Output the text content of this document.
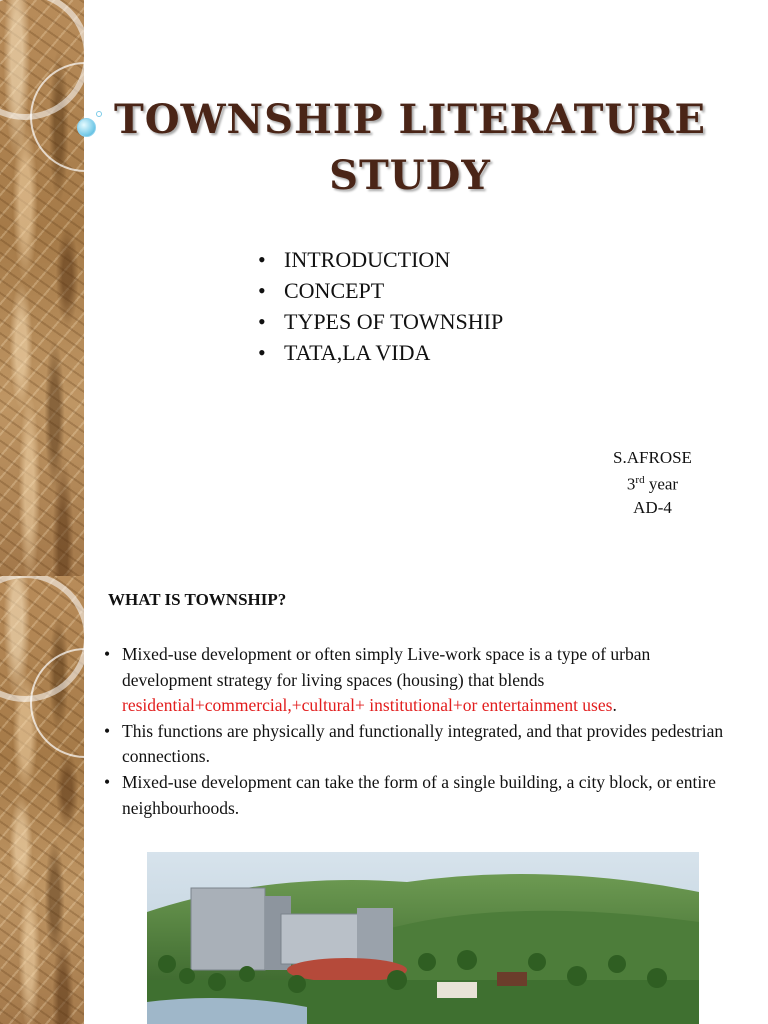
TOWNSHIP LITERATURE
STUDY
• INTRODUCTION
• CONCEPT
• TYPES OF TOWNSHIP
• TATA,LA VIDA
S.AFROSE
3rd year
AD-4
WHAT IS TOWNSHIP?
• Mixed-use development or often simply Live-work space is a type of urban development strategy for living spaces (housing) that blends residential+commercial,+cultural+ institutional+or entertainment uses.
• This functions are physically and functionally integrated, and that provides pedestrian connections.
• Mixed-use development can take the form of a single building, a city block, or entire neighbourhoods.
